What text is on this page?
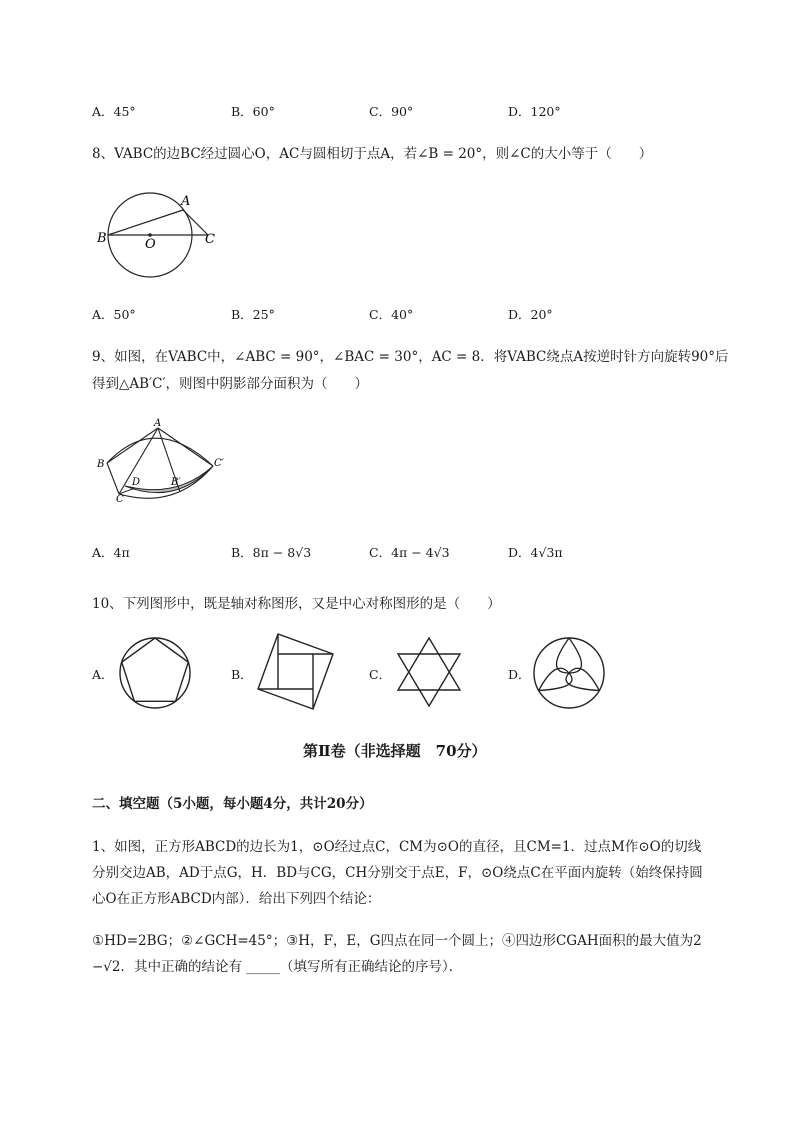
A．45°	B．60°	C．90°	D．120°
8、VABC的边BC经过圆心O，AC与圆相切于点A，若∠B = 20°，则∠C的大小等于（　　）
A
B	O	C
A．50°	B．25°	C．40°	D．20°
9、如图，在VABC中，∠ABC = 90°，∠BAC = 30°，AC = 8．将VABC绕点A按逆时针方向旋转90°后
得到△AB′C′，则图中阴影部分面积为（　　）
A
B
C
D	B′
C′
A．4π	B．8π − 8√3	C．4π − 4√3	D．4√3π
10、下列图形中，既是轴对称图形，又是中心对称图形的是（　　）
A．	B．	C．	D．
第Ⅱ卷（非选择题　70分）
二、填空题（5小题，每小题4分，共计20分）
1、如图，正方形ABCD的边长为1，⊙O经过点C，CM为⊙O的直径，且CM=1．过点M作⊙O的切线
分别交边AB，AD于点G，H．BD与CG，CH分别交于点E，F，⊙O绕点C在平面内旋转（始终保持圆
心O在正方形ABCD内部）．给出下列四个结论：
①HD=2BG；②∠GCH=45°；③H，F，E，G四点在同一个圆上；④四边形CGAH面积的最大值为2
−√2．其中正确的结论有 _____（填写所有正确结论的序号）．
